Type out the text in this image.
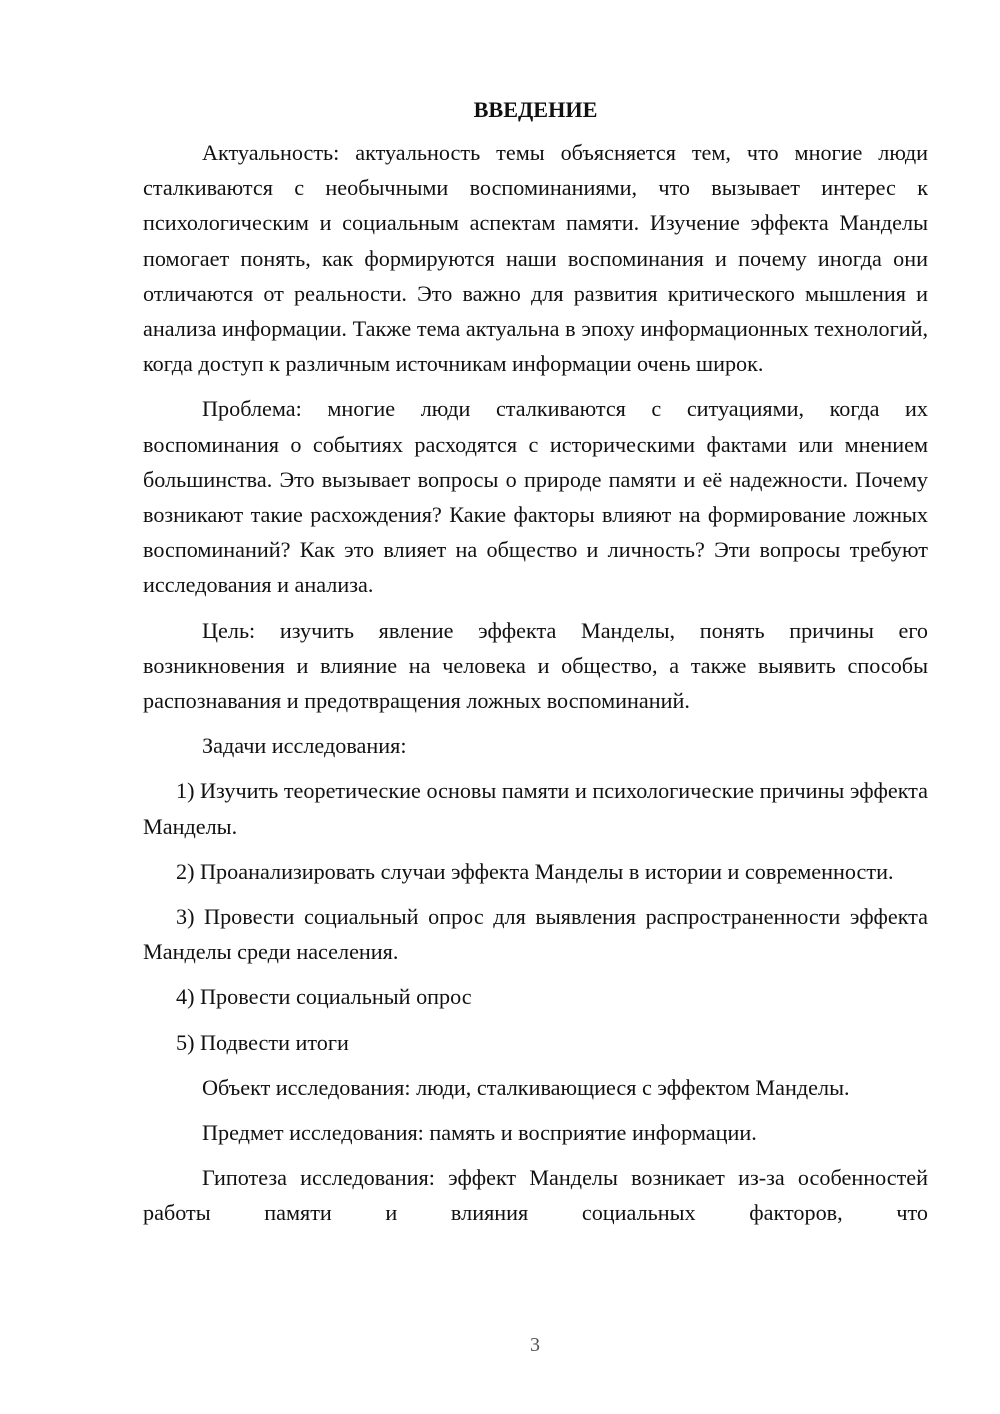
ВВЕДЕНИЕ

Актуальность: актуальность темы объясняется тем, что многие люди сталкиваются с необычными воспоминаниями, что вызывает интерес к психологическим и социальным аспектам памяти. Изучение эффекта Манделы помогает понять, как формируются наши воспоминания и почему иногда они отличаются от реальности. Это важно для развития критического мышления и анализа информации. Также тема актуальна в эпоху информационных технологий, когда доступ к различным источникам информации очень широк.

Проблема: многие люди сталкиваются с ситуациями, когда их воспоминания о событиях расходятся с историческими фактами или мнением большинства. Это вызывает вопросы о природе памяти и её надежности. Почему возникают такие расхождения? Какие факторы влияют на формирование ложных воспоминаний? Как это влияет на общество и личность? Эти вопросы требуют исследования и анализа.

Цель: изучить явление эффекта Манделы, понять причины его возникновения и влияние на человека и общество, а также выявить способы распознавания и предотвращения ложных воспоминаний.

Задачи исследования:

1) Изучить теоретические основы памяти и психологические причины эффекта Манделы.

2) Проанализировать случаи эффекта Манделы в истории и современности.

3) Провести социальный опрос для выявления распространенности эффекта Манделы среди населения.

4) Провести социальный опрос

5) Подвести итоги

Объект исследования: люди, сталкивающиеся с эффектом Манделы.

Предмет исследования: память и восприятие информации.

Гипотеза исследования: эффект Манделы возникает из-за особенностей работы памяти и влияния социальных факторов, что

3
